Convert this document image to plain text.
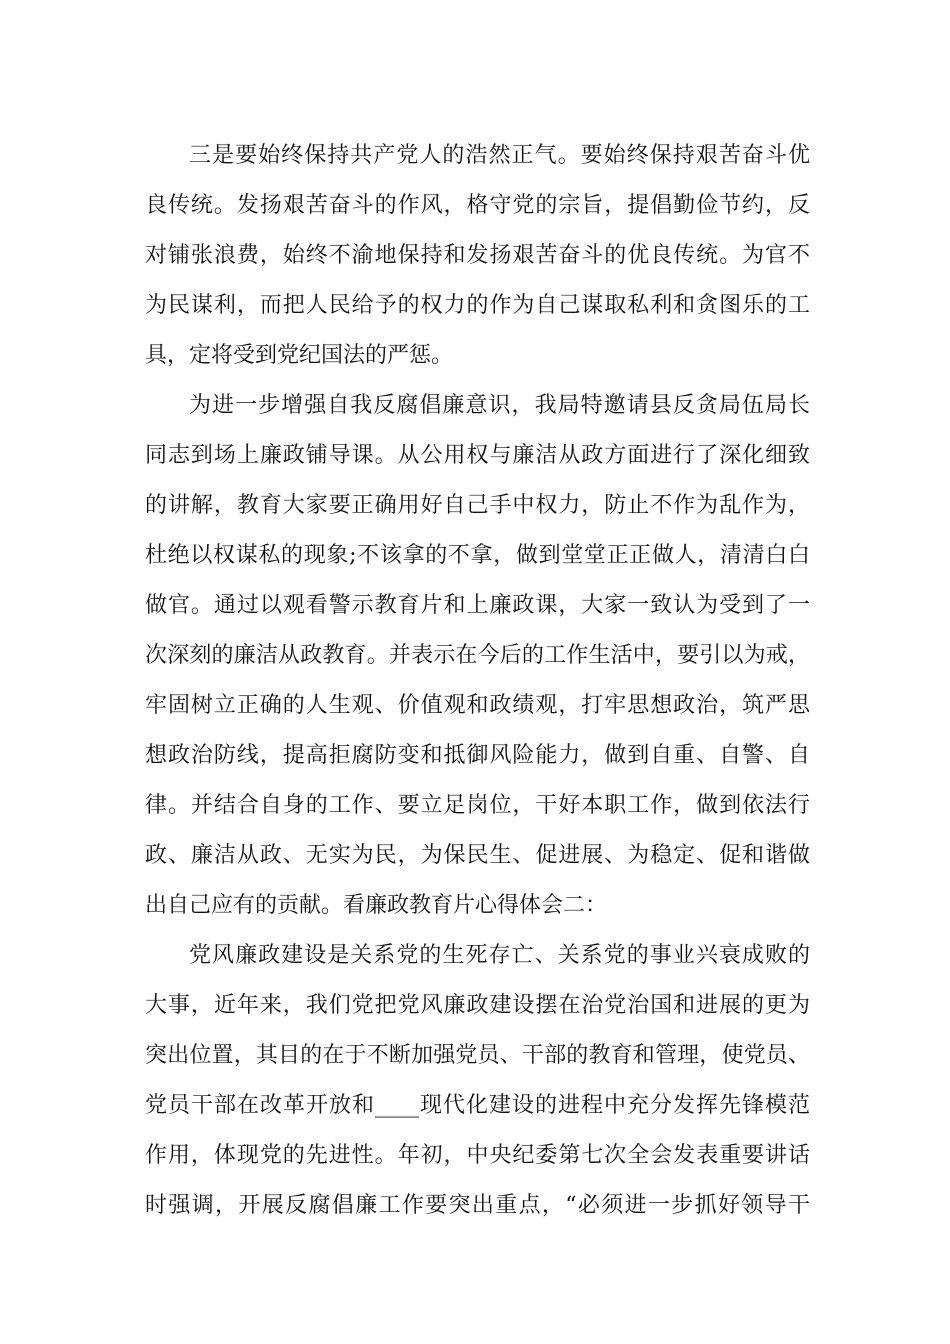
三是要始终保持共产党人的浩然正气。要始终保持艰苦奋斗优
良传统。发扬艰苦奋斗的作风，格守党的宗旨，提倡勤俭节约，反
对铺张浪费，始终不渝地保持和发扬艰苦奋斗的优良传统。为官不
为民谋利，而把人民给予的权力的作为自己谋取私利和贪图乐的工
具，定将受到党纪国法的严惩。

为进一步增强自我反腐倡廉意识，我局特邀请县反贪局伍局长
同志到场上廉政铺导课。从公用权与廉洁从政方面进行了深化细致
的讲解，教育大家要正确用好自己手中权力，防止不作为乱作为，
杜绝以权谋私的现象;不该拿的不拿，做到堂堂正正做人，清清白白
做官。通过以观看警示教育片和上廉政课，大家一致认为受到了一
次深刻的廉洁从政教育。并表示在今后的工作生活中，要引以为戒，
牢固树立正确的人生观、价值观和政绩观，打牢思想政治，筑严思
想政治防线，提高拒腐防变和抵御风险能力，做到自重、自警、自
律。并结合自身的工作、要立足岗位，干好本职工作，做到依法行
政、廉洁从政、无实为民，为保民生、促进展、为稳定、促和谐做
出自己应有的贡献。看廉政教育片心得体会二：

党风廉政建设是关系党的生死存亡、关系党的事业兴衰成败的
大事，近年来，我们党把党风廉政建设摆在治党治国和进展的更为
突出位置，其目的在于不断加强党员、干部的教育和管理，使党员、
党员干部在改革开放和____现代化建设的进程中充分发挥先锋模范
作用，体现党的先进性。年初，中央纪委第七次全会发表重要讲话
时强调，开展反腐倡廉工作要突出重点，“必须进一步抓好领导干
